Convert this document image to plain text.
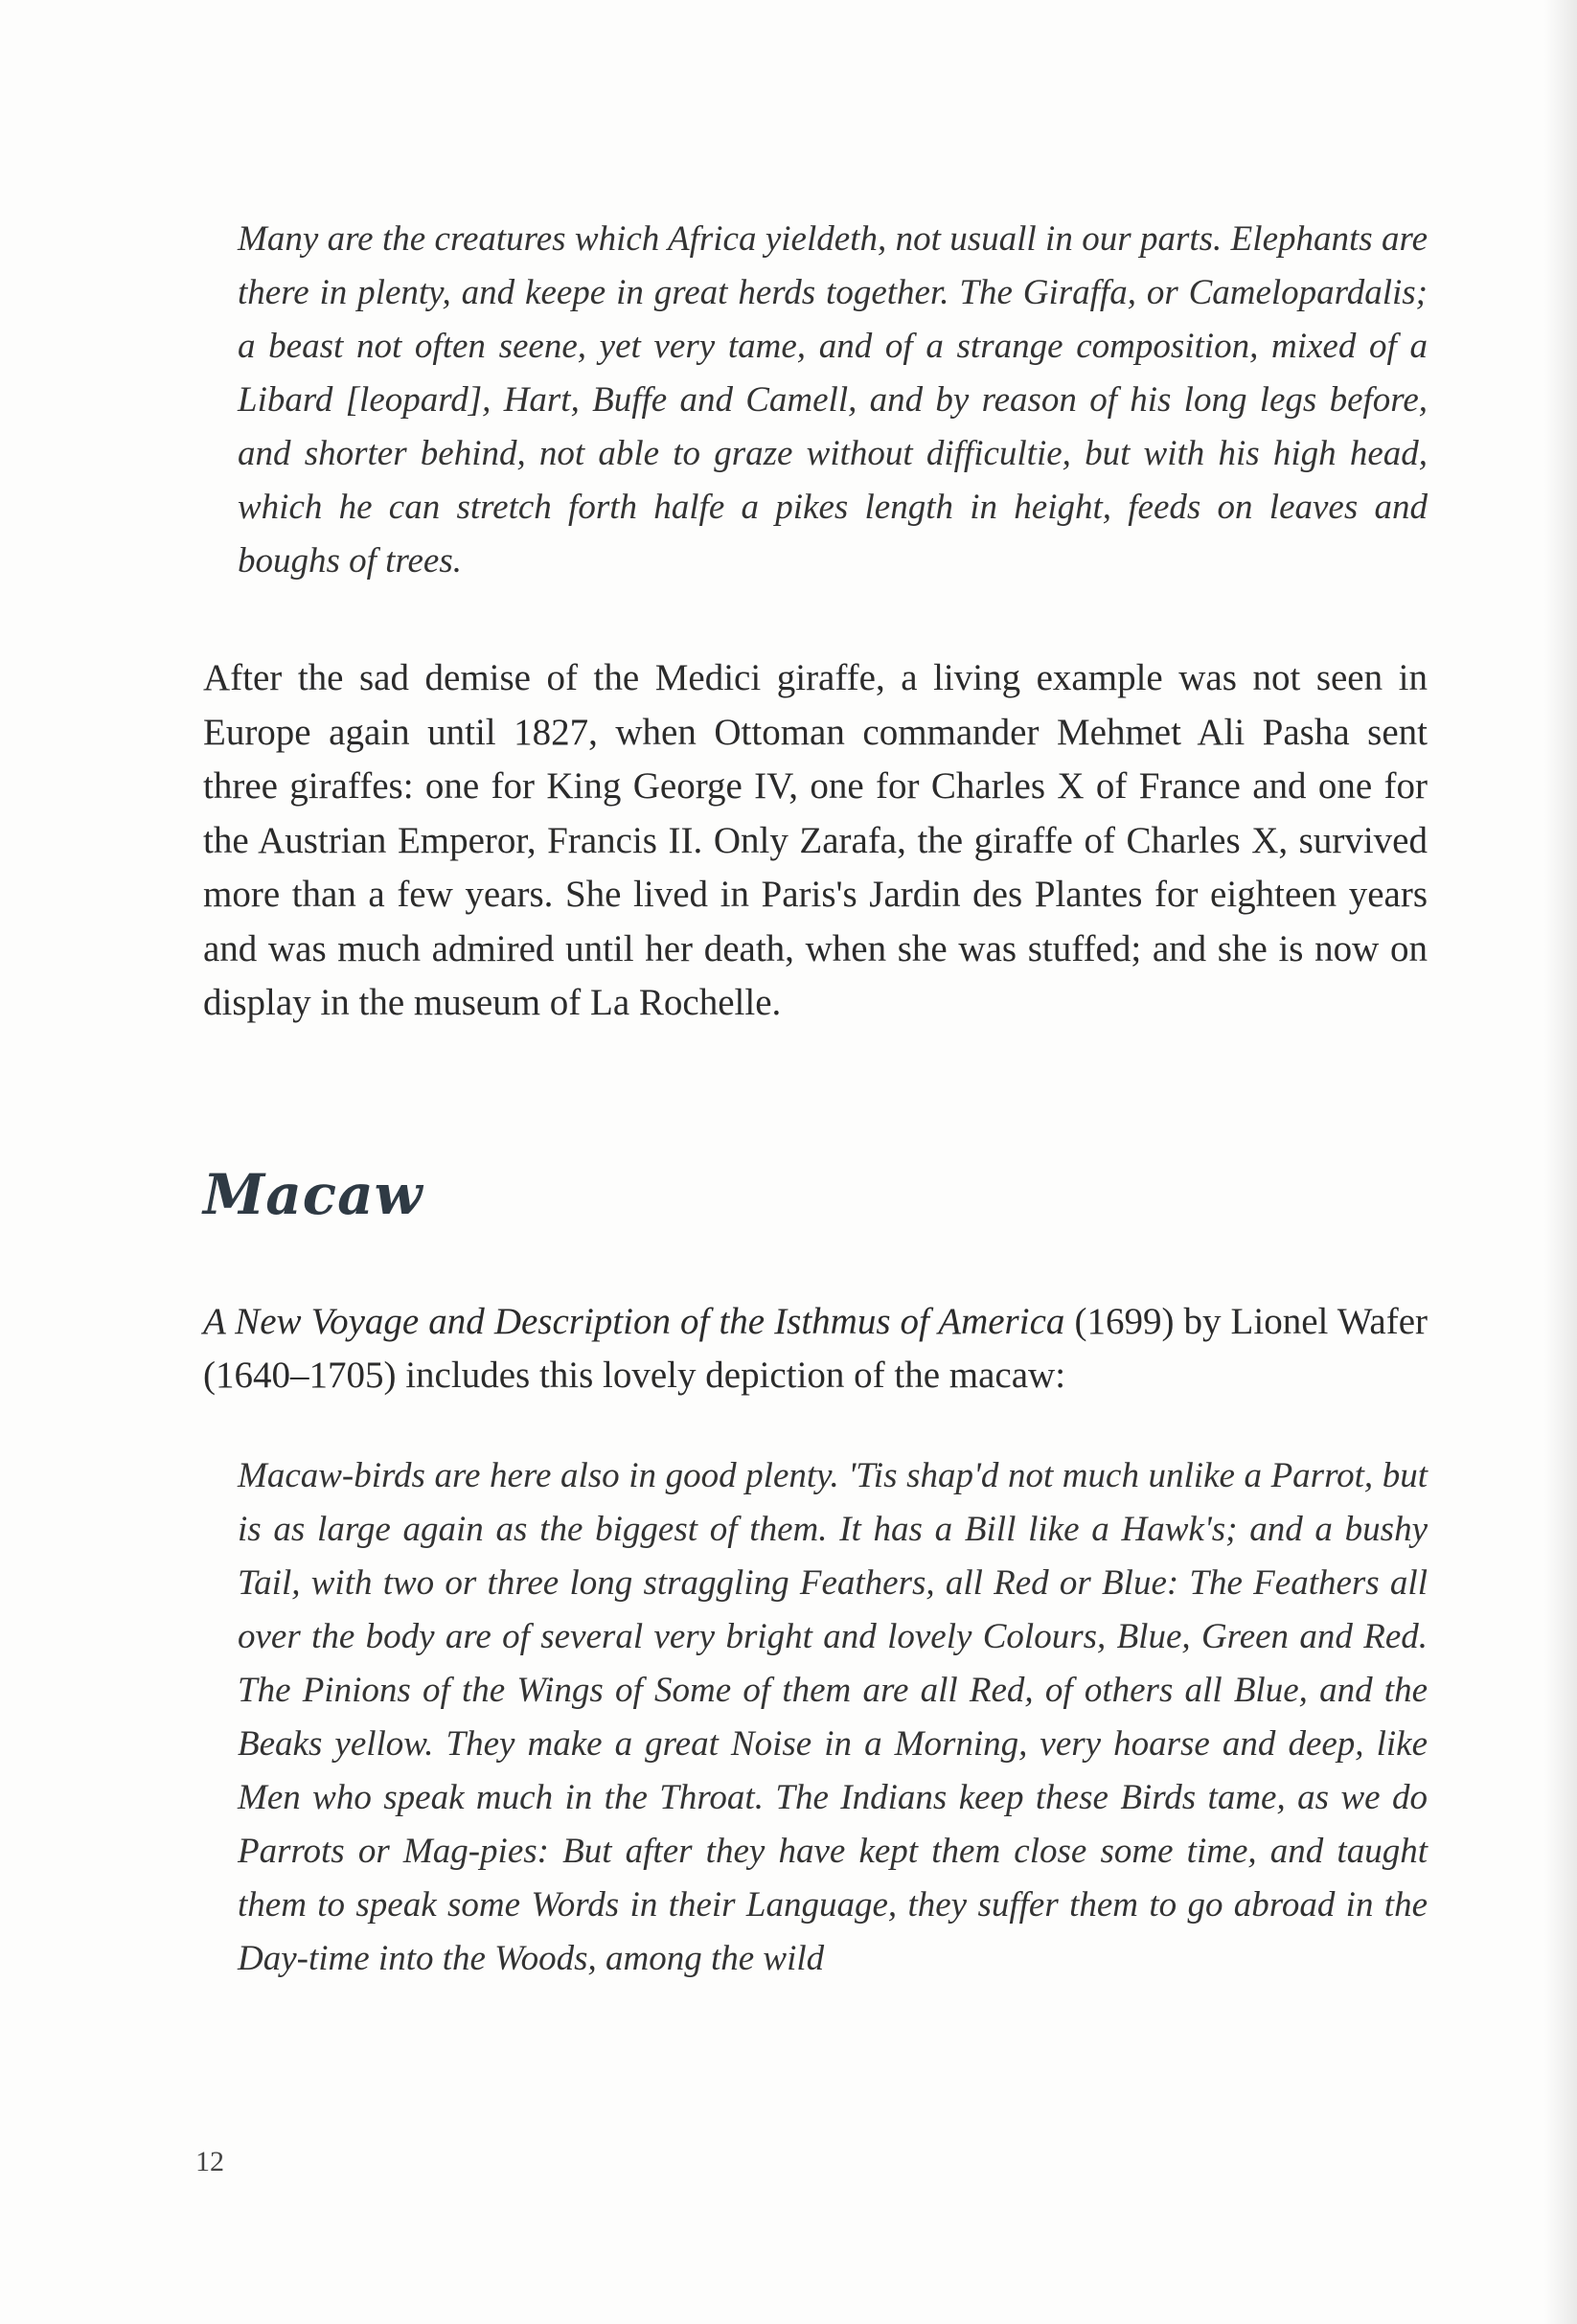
Many are the creatures which Africa yieldeth, not usuall in our parts. Elephants are there in plenty, and keepe in great herds together. The Giraffa, or Camelopardalis; a beast not often seene, yet very tame, and of a strange composition, mixed of a Libard [leopard], Hart, Buffe and Camell, and by reason of his long legs before, and shorter behind, not able to graze without difficultie, but with his high head, which he can stretch forth halfe a pikes length in height, feeds on leaves and boughs of trees.

After the sad demise of the Medici giraffe, a living example was not seen in Europe again until 1827, when Ottoman commander Mehmet Ali Pasha sent three giraffes: one for King George IV, one for Charles X of France and one for the Austrian Emperor, Francis II. Only Zarafa, the giraffe of Charles X, survived more than a few years. She lived in Paris's Jardin des Plantes for eighteen years and was much admired until her death, when she was stuffed; and she is now on display in the museum of La Rochelle.

Macaw

A New Voyage and Description of the Isthmus of America (1699) by Lionel Wafer (1640–1705) includes this lovely depiction of the macaw:

Macaw-birds are here also in good plenty. 'Tis shap'd not much unlike a Parrot, but is as large again as the biggest of them. It has a Bill like a Hawk's; and a bushy Tail, with two or three long straggling Feathers, all Red or Blue: The Feathers all over the body are of several very bright and lovely Colours, Blue, Green and Red. The Pinions of the Wings of Some of them are all Red, of others all Blue, and the Beaks yellow. They make a great Noise in a Morning, very hoarse and deep, like Men who speak much in the Throat. The Indians keep these Birds tame, as we do Parrots or Mag-pies: But after they have kept them close some time, and taught them to speak some Words in their Language, they suffer them to go abroad in the Day-time into the Woods, among the wild

12
